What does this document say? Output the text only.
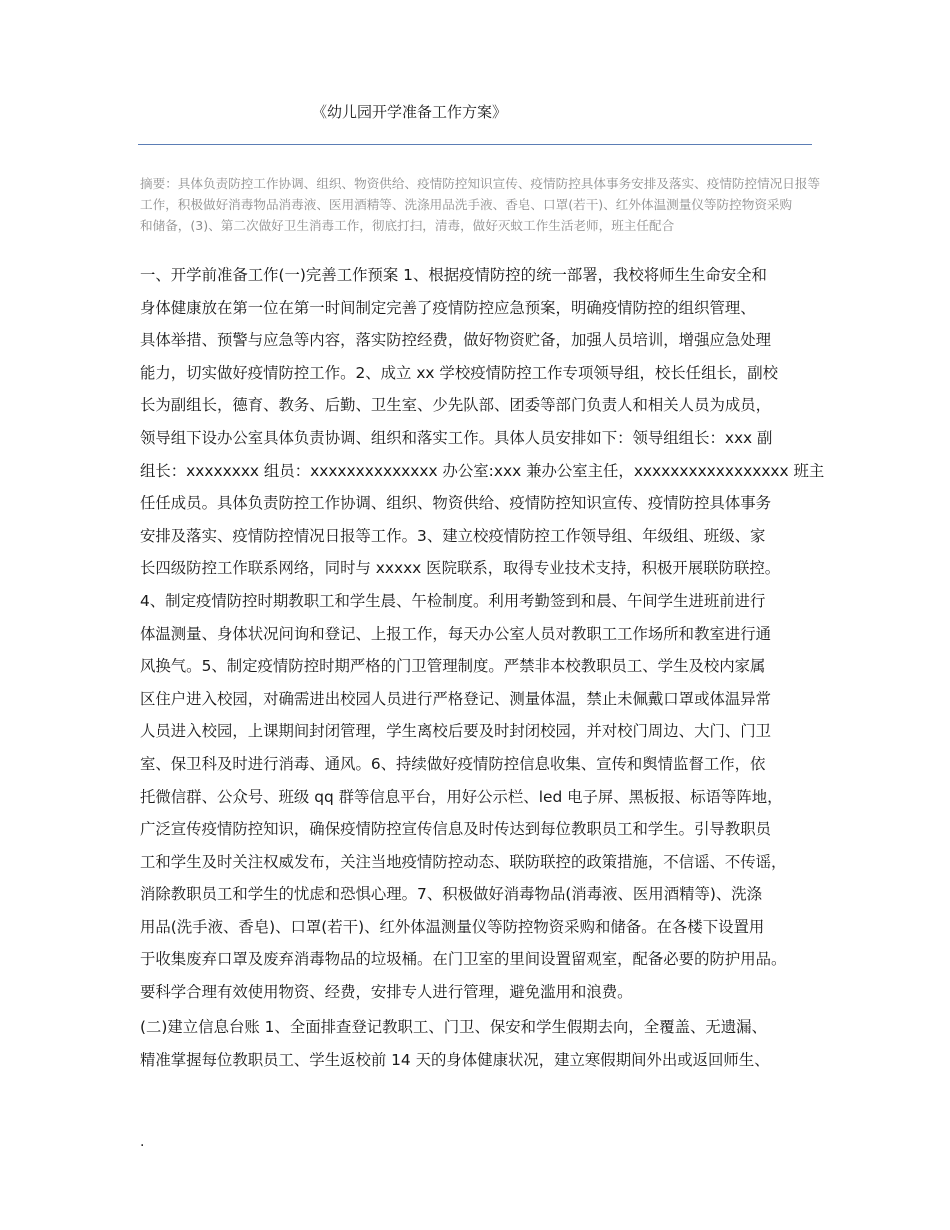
《幼儿园开学准备工作方案》
摘要：具体负责防控工作协调、组织、物资供给、疫情防控知识宣传、疫情防控具体事务安排及落实、疫情防控情况日报等
工作，积极做好消毒物品消毒液、医用酒精等、洗涤用品洗手液、香皂、口罩(若干)、红外体温测量仪等防控物资采购
和储备，(3)、第二次做好卫生消毒工作，彻底打扫，清毒，做好灭蚊工作生活老师，班主任配合
一、开学前准备工作(一)完善工作预案 1、根据疫情防控的统一部署，我校将师生生命安全和
身体健康放在第一位在第一时间制定完善了疫情防控应急预案，明确疫情防控的组织管理、
具体举措、预警与应急等内容，落实防控经费，做好物资贮备，加强人员培训，增强应急处理
能力，切实做好疫情防控工作。2、成立 xx 学校疫情防控工作专项领导组，校长任组长，副校
长为副组长，德育、教务、后勤、卫生室、少先队部、团委等部门负责人和相关人员为成员，
领导组下设办公室具体负责协调、组织和落实工作。具体人员安排如下：领导组组长：xxx 副
组长：xxxxxxxx 组员：xxxxxxxxxxxxxx 办公室:xxx 兼办公室主任，xxxxxxxxxxxxxxxxx 班主
任任成员。具体负责防控工作协调、组织、物资供给、疫情防控知识宣传、疫情防控具体事务
安排及落实、疫情防控情况日报等工作。3、建立校疫情防控工作领导组、年级组、班级、家
长四级防控工作联系网络，同时与 xxxxx 医院联系，取得专业技术支持，积极开展联防联控。
4、制定疫情防控时期教职工和学生晨、午检制度。利用考勤签到和晨、午间学生进班前进行
体温测量、身体状况问询和登记、上报工作，每天办公室人员对教职工工作场所和教室进行通
风换气。5、制定疫情防控时期严格的门卫管理制度。严禁非本校教职员工、学生及校内家属
区住户进入校园，对确需进出校园人员进行严格登记、测量体温，禁止未佩戴口罩或体温异常
人员进入校园，上课期间封闭管理，学生离校后要及时封闭校园，并对校门周边、大门、门卫
室、保卫科及时进行消毒、通风。6、持续做好疫情防控信息收集、宣传和舆情监督工作，依
托微信群、公众号、班级 qq 群等信息平台，用好公示栏、led 电子屏、黑板报、标语等阵地，
广泛宣传疫情防控知识，确保疫情防控宣传信息及时传达到每位教职员工和学生。引导教职员
工和学生及时关注权威发布，关注当地疫情防控动态、联防联控的政策措施，不信谣、不传谣，
消除教职员工和学生的忧虑和恐惧心理。7、积极做好消毒物品(消毒液、医用酒精等)、洗涤
用品(洗手液、香皂)、口罩(若干)、红外体温测量仪等防控物资采购和储备。在各楼下设置用
于收集废弃口罩及废弃消毒物品的垃圾桶。在门卫室的里间设置留观室，配备必要的防护用品。
要科学合理有效使用物资、经费，安排专人进行管理，避免滥用和浪费。
(二)建立信息台账 1、全面排查登记教职工、门卫、保安和学生假期去向，全覆盖、无遗漏、
精准掌握每位教职员工、学生返校前 14 天的身体健康状况，建立寒假期间外出或返回师生、
.
